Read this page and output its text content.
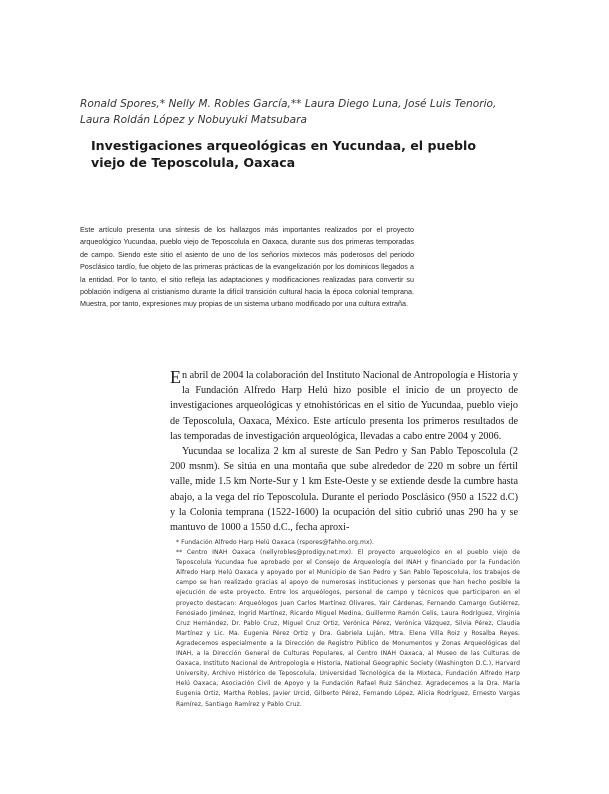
Ronald Spores,* Nelly M. Robles García,** Laura Diego Luna, José Luis Tenorio, Laura Roldán López y Nobuyuki Matsubara
Investigaciones arqueológicas en Yucundaa, el pueblo viejo de Teposcolula, Oaxaca
Este artículo presenta una síntesis de los hallazgos más importantes realizados por el proyecto arqueológico Yucundaa, pueblo viejo de Teposcolula en Oaxaca, durante sus dos primeras temporadas de campo. Siendo este sitio el asiento de uno de los señoríos mixtecos más poderosos del periodo Posclásico tardío, fue objeto de las primeras prácticas de la evangelización por los dominicos llegados a la entidad. Por lo tanto, el sitio refleja las adaptaciones y modificaciones realizadas para convertir su población indígena al cristianismo durante la difícil transición cultural hacia la época colonial temprana. Muestra, por tanto, expresiones muy propias de un sistema urbano modificado por una cultura extraña.

En abril de 2004 la colaboración del Instituto Nacional de Antropología e Historia y la Fundación Alfredo Harp Helú hizo posible el inicio de un proyecto de investigaciones arqueológicas y etnohistóricas en el sitio de Yucundaa, pueblo viejo de Teposcolula, Oaxaca, México. Este artículo presenta los primeros resultados de las temporadas de investigación arqueológica, llevadas a cabo entre 2004 y 2006.

Yucundaa se localiza 2 km al sureste de San Pedro y San Pablo Teposcolula (2 200 msnm). Se sitúa en una montaña que sube alrededor de 220 m sobre un fértil valle, mide 1.5 km Norte-Sur y 1 km Este-Oeste y se extiende desde la cumbre hasta abajo, a la vega del río Teposcolula. Durante el periodo Posclásico (950 a 1522 d.C) y la Colonia temprana (1522-1600) la ocupación del sitio cubrió unas 290 ha y se mantuvo de 1000 a 1550 d.C., fecha aproxi-

* Fundación Alfredo Harp Helú Oaxaca (rspores@fahho.org.mx).

** Centro INAH Oaxaca (nellyrobles@prodigy.net.mx). El proyecto arqueológico en el pueblo viejo de Teposcolula Yucundaa fue aprobado por el Consejo de Arqueología del INAH y financiado por la Fundación Alfredo Harp Helú Oaxaca y apoyado por el Municipio de San Pedro y San Pablo Teposcolula, los trabajos de campo se han realizado gracias al apoyo de numerosas instituciones y personas que han hecho posible la ejecución de este proyecto. Entre los arqueólogos, personal de campo y técnicos que participaron en el proyecto destacan: Arqueólogos Juan Carlos Martínez Olivares, Yair Cárdenas, Fernando Camargo Gutiérrez, Fenosiado Jiménez, Ingrid Martínez, Ricardo Miguel Medina, Guillermo Ramón Celis, Laura Rodríguez, Virginia Cruz Hernández, Dr. Pablo Cruz, Miguel Cruz Ortiz, Verónica Pérez, Verónica Vázquez, Silvia Pérez, Claudia Martínez y Lic. Ma. Eugenia Pérez Ortiz y Dra. Gabriela Luján, Mtra. Elena Villa Roiz y Rosalba Reyes. Agradecemos especialmente a la Dirección de Registro Público de Monumentos y Zonas Arqueológicas del INAH, a la Dirección General de Culturas Populares, al Centro INAH Oaxaca, al Museo de las Culturas de Oaxaca, Instituto Nacional de Antropología e Historia, National Geographic Society (Washington D.C.), Harvard University, Archivo Histórico de Teposcolula, Universidad Tecnológica de la Mixteca, Fundación Alfredo Harp Helú Oaxaca, Asociación Civil de Apoyo y la Fundación Rafael Ruiz Sánchez. Agradecemos a la Dra. María Eugenia Ortiz, Martha Robles, Javier Urcid, Gilberto Pérez, Fernando López, Alicia Rodríguez, Ernesto Vargas Ramírez, Santiago Ramírez y Pablo Cruz.
